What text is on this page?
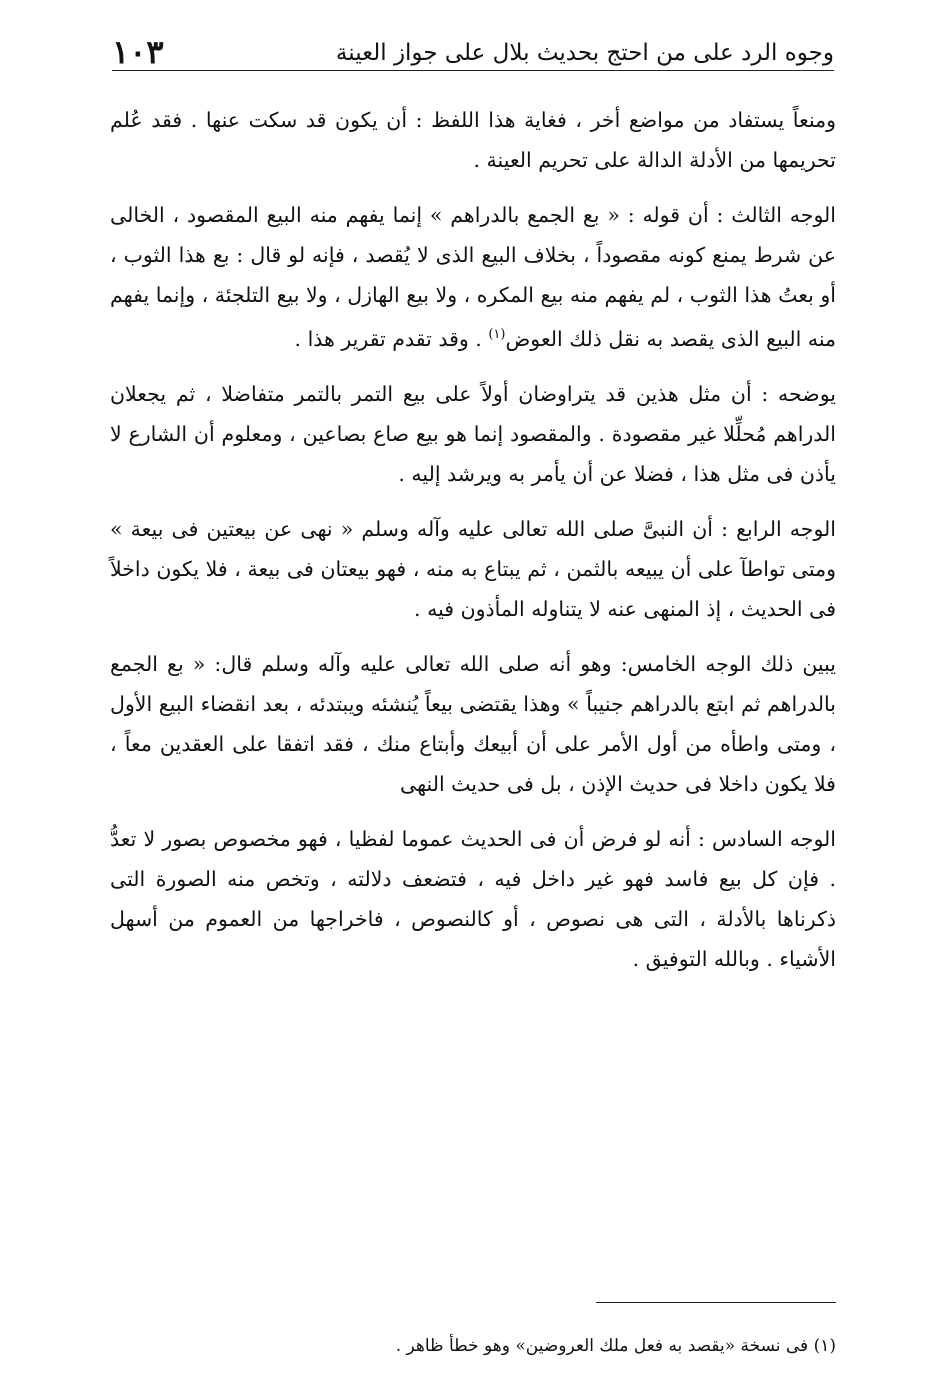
وجوه الرد على من احتج بحديث بلال على جواز العينة
١٠٣

ومنعاً يستفاد من مواضع أخر ، فغاية هذا اللفظ : أن يكون قد سكت عنها . فقد عُلم تحريمها من الأدلة الدالة على تحريم العينة .

الوجه الثالث : أن قوله : « بع الجمع بالدراهم » إنما يفهم منه البيع المقصود ، الخالى عن شرط يمنع كونه مقصوداً ، بخلاف البيع الذى لا يُقصد ، فإنه لو قال : بع هذا الثوب ، أو بعتُ هذا الثوب ، لم يفهم منه بيع المكره ، ولا بيع الهازل ، ولا بيع التلجئة ، وإنما يفهم منه البيع الذى يقصد به نقل ذلك العوض$^{(١)}$ . وقد تقدم تقرير هذا .

يوضحه : أن مثل هذين قد يتراوضان أولاً على بيع التمر بالتمر متفاضلا ، ثم يجعلان الدراهم مُحلِّلا غير مقصودة . والمقصود إنما هو بيع صاع بصاعين ، ومعلوم أن الشارع لا يأذن فى مثل هذا ، فضلا عن أن يأمر به ويرشد إليه .

الوجه الرابع : أن النبىَّ صلى الله تعالى عليه وآله وسلم « نهى عن بيعتين فى بيعة » ومتى تواطآ على أن يبيعه بالثمن ، ثم يبتاع به منه ، فهو بيعتان فى بيعة ، فلا يكون داخلاً فى الحديث ، إذ المنهى عنه لا يتناوله المأذون فيه .

يبين ذلك الوجه الخامس: وهو أنه صلى الله تعالى عليه وآله وسلم قال: « بع الجمع بالدراهم ثم ابتع بالدراهم جنيباً » وهذا يقتضى بيعاً يُنشئه ويبتدئه ، بعد انقضاء البيع الأول ، ومتى واطأه من أول الأمر على أن أبيعك وأبتاع منك ، فقد اتفقا على العقدين معاً ، فلا يكون داخلا فى حديث الإذن ، بل فى حديث النهى

الوجه السادس : أنه لو فرض أن فى الحديث عموما لفظيا ، فهو مخصوص بصور لا تعدُّ . فإن كل بيع فاسد فهو غير داخل فيه ، فتضعف دلالته ، وتخص منه الصورة التى ذكرناها بالأدلة ، التى هى نصوص ، أو كالنصوص ، فاخراجها من العموم من أسهل الأشياء . وبالله التوفيق .

(١) فى نسخة «يقصد به فعل ملك العروضين» وهو خطأ ظاهر .
